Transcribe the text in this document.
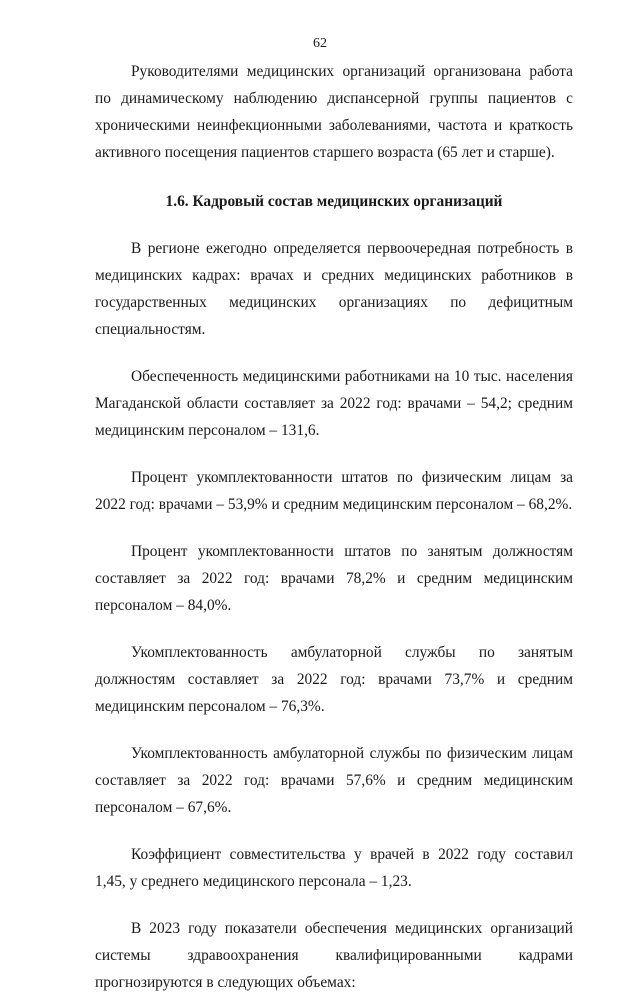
62

Руководителями медицинских организаций организована работа по динамическому наблюдению диспансерной группы пациентов с хроническими неинфекционными заболеваниями, частота и краткость активного посещения пациентов старшего возраста (65 лет и старше).

1.6. Кадровый состав медицинских организаций

В регионе ежегодно определяется первоочередная потребность в медицинских кадрах: врачах и средних медицинских работников в государственных медицинских организациях по дефицитным специальностям.

Обеспеченность медицинскими работниками на 10 тыс. населения Магаданской области составляет за 2022 год: врачами – 54,2; средним медицинским персоналом – 131,6.

Процент укомплектованности штатов по физическим лицам за 2022 год: врачами – 53,9% и средним медицинским персоналом – 68,2%.

Процент укомплектованности штатов по занятым должностям составляет за 2022 год: врачами 78,2% и средним медицинским персоналом – 84,0%.

Укомплектованность амбулаторной службы по занятым должностям составляет за 2022 год: врачами 73,7% и средним медицинским персоналом – 76,3%.

Укомплектованность амбулаторной службы по физическим лицам составляет за 2022 год: врачами 57,6% и средним медицинским персоналом – 67,6%.

Коэффициент совместительства у врачей в 2022 году составил 1,45, у среднего медицинского персонала – 1,23.

В 2023 году показатели обеспечения медицинских организаций системы здравоохранения квалифицированными кадрами прогнозируются в следующих объемах:
